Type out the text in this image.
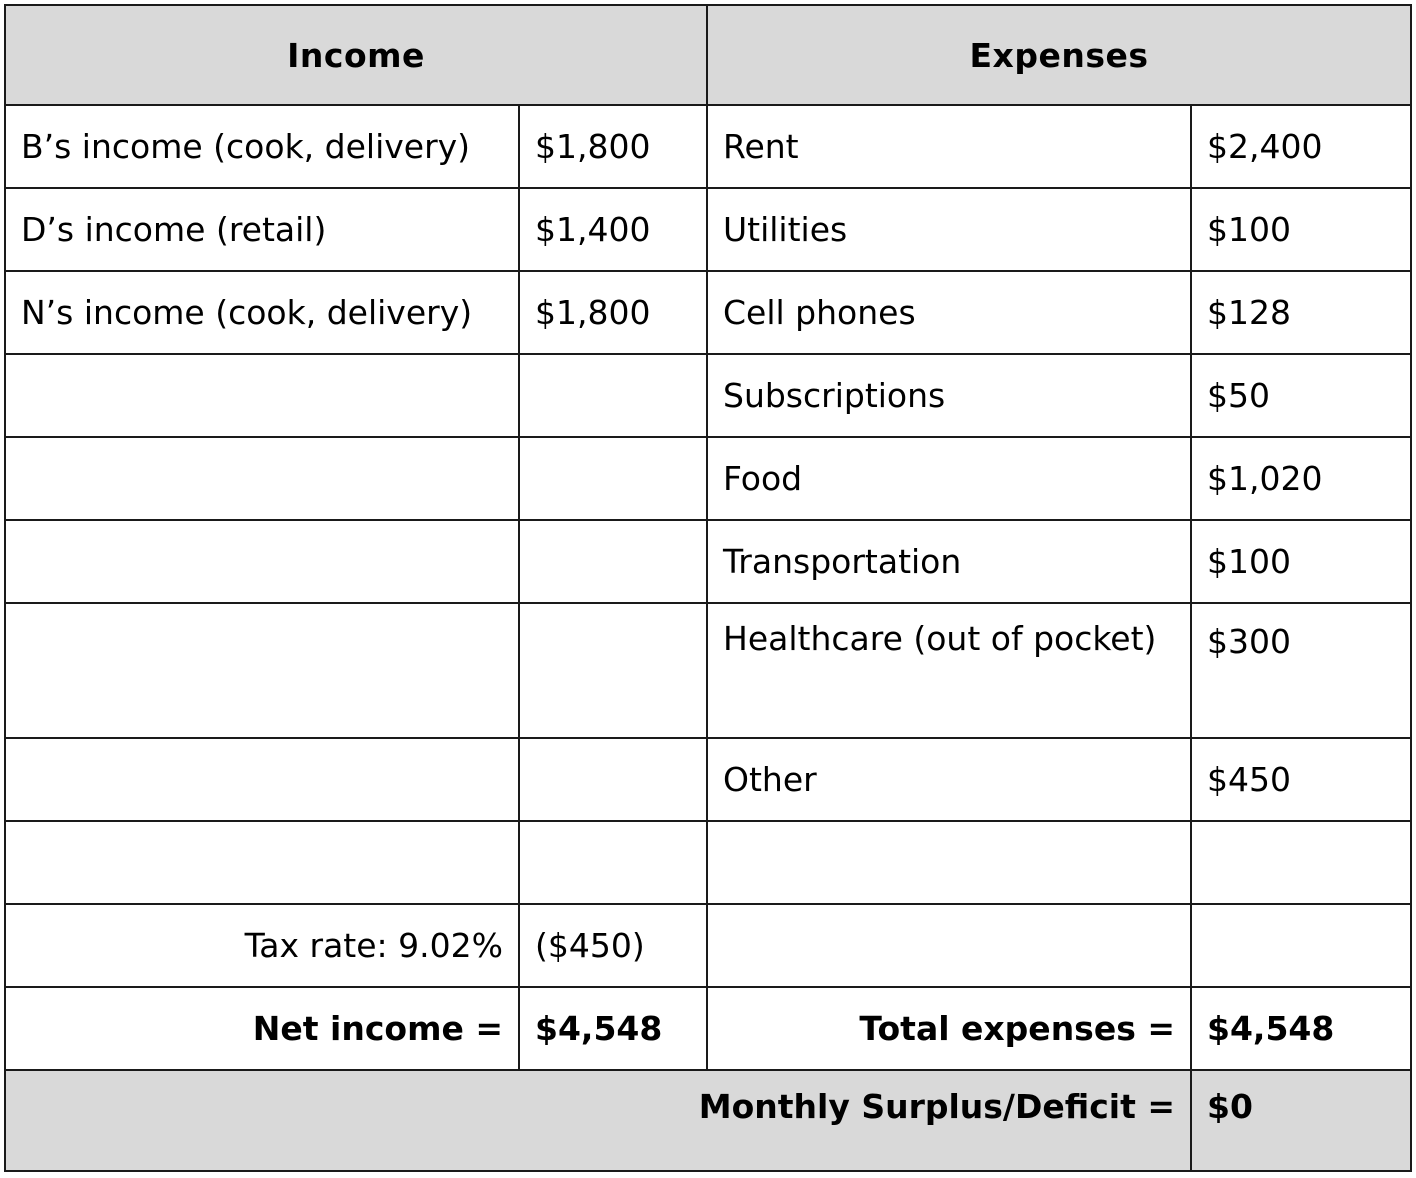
Income		Expenses	
B’s income (cook, delivery)	$1,800	Rent	$2,400
D’s income (retail)	$1,400	Utilities	$100
N’s income (cook, delivery)	$1,800	Cell phones	$128
		Subscriptions	$50
		Food	$1,020
		Transportation	$100
		Healthcare (out of pocket)	$300
		Other	$450

Tax rate: 9.02%	($450)		
Net income =	$4,548	Total expenses =	$4,548
Monthly Surplus/Deficit =			$0
